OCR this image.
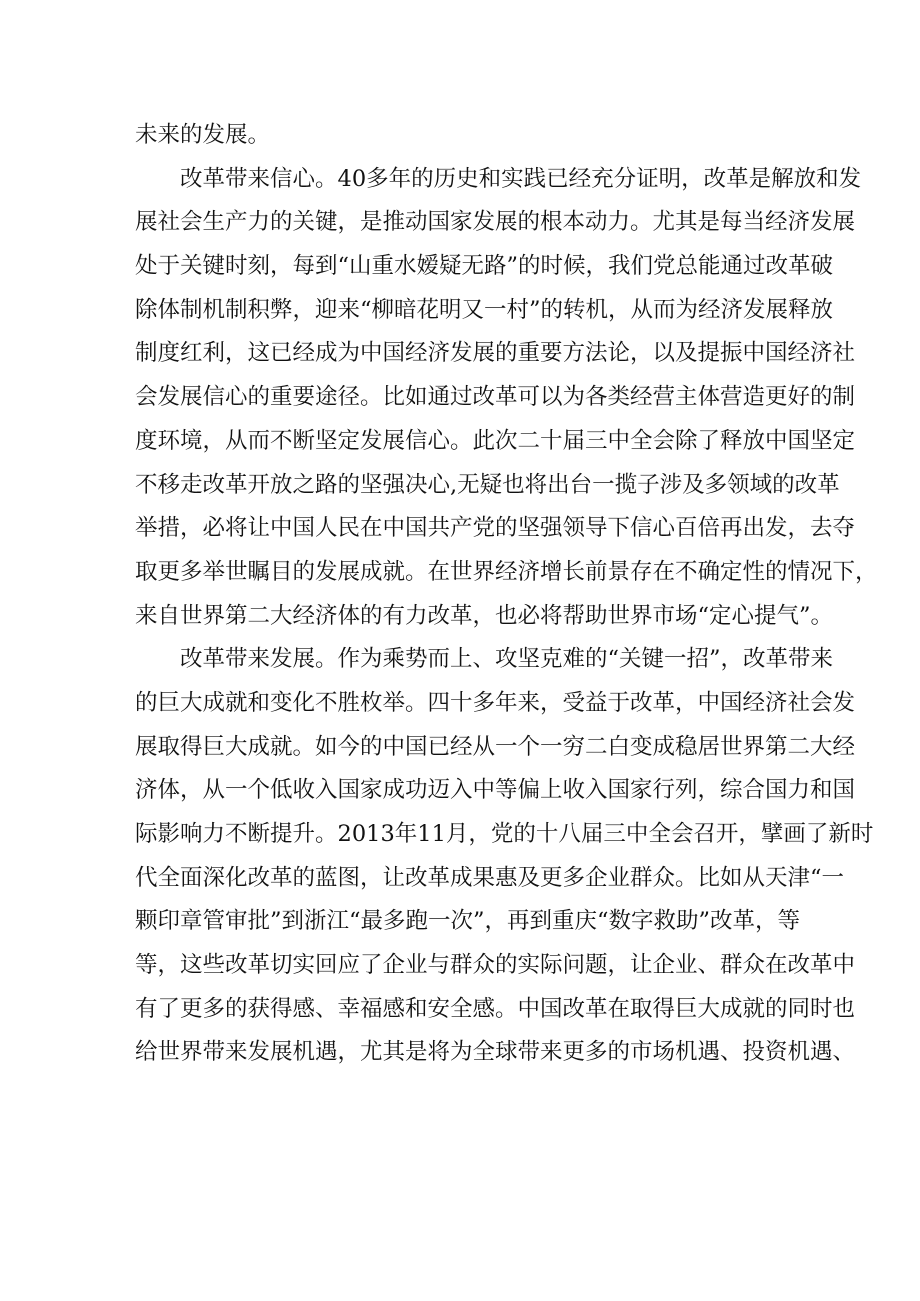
未来的发展。
改革带来信心。40多年的历史和实践已经充分证明，改革是解放和发
展社会生产力的关键，是推动国家发展的根本动力。尤其是每当经济发展
处于关键时刻，每到“山重水嫒疑无路”的时候，我们党总能通过改革破
除体制机制积弊，迎来“柳暗花明又一村”的转机，从而为经济发展释放
制度红利，这已经成为中国经济发展的重要方法论，以及提振中国经济社
会发展信心的重要途径。比如通过改革可以为各类经营主体营造更好的制
度环境，从而不断坚定发展信心。此次二十届三中全会除了释放中国坚定
不移走改革开放之路的坚强决心,无疑也将出台一揽子涉及多领域的改革
举措，必将让中国人民在中国共产党的坚强领导下信心百倍再出发，去夺
取更多举世瞩目的发展成就。在世界经济增长前景存在不确定性的情况下，
来自世界第二大经济体的有力改革，也必将帮助世界市场“定心提气”。
改革带来发展。作为乘势而上、攻坚克难的“关键一招”，改革带来
的巨大成就和变化不胜枚举。四十多年来，受益于改革，中国经济社会发
展取得巨大成就。如今的中国已经从一个一穷二白变成稳居世界第二大经
济体，从一个低收入国家成功迈入中等偏上收入国家行列，综合国力和国
际影响力不断提升。2013年11月，党的十八届三中全会召开，擘画了新时
代全面深化改革的蓝图，让改革成果惠及更多企业群众。比如从天津“一
颗印章管审批”到浙江“最多跑一次”，再到重庆“数字救助”改革，等
等，这些改革切实回应了企业与群众的实际问题，让企业、群众在改革中
有了更多的获得感、幸福感和安全感。中国改革在取得巨大成就的同时也
给世界带来发展机遇，尤其是将为全球带来更多的市场机遇、投资机遇、
